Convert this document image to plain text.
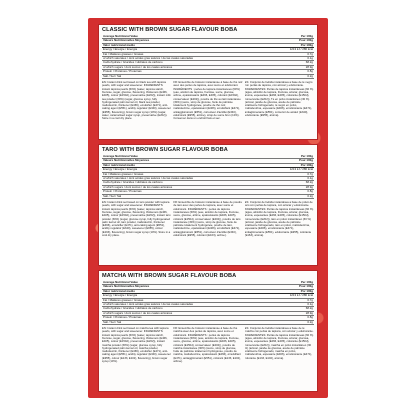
CLASSIC WITH BROWN SUGAR FLAVOUR BOBA
Average Nutritional Value	Per 100g
Valeurs Nutritionnelles Moyennes	Pour 100g
Valor nutricional medio	Por 100g
Energy / Énergie / Energía	1213 kJ / 286 kcal
Fat / Matières grasses / Grasas	0.7g
of which saturates / dont acides gras saturés / de las cuales saturadas	0.1g
Carbohydrate / Glucides / Hidratos de carbono	68.2g
of which sugars / dont sucres / de los cuales azúcares	28.9g
Protein / Protéines / Proteínas	0.8g
Salt / Sel / Sal	0.2g
EN: Instant drink set based on black tea with tapioca pearls, with sugar and sweetener. INGREDIENTS: instant tapioca pearls (60%) (water, tapioca starch, fructose, sugar, glucose, flavouring, thickeners (E466, E405), colour (E150d), preservative (E202)), instant milk tea powder (30%) (sugar, glucose syrup, fully hydrogenated palm kernel oil, black tea powder, maltodextrin, thickener (E466), emulsifier (E471), anti-caking agent (E551), acidity regulator (E340), sweetener (E955), flavouring), brown sugar syrup (10%) (sugar, water, caramelised sugar syrup, preservative (E202)). Store in a cool dry place.
FR: Ensemble de boisson instantanée à base de thé noir avec des perles de tapioca, avec sucre et édulcorant. INGRÉDIENTS : perles de tapioca instantanées (60%) (eau, amidon de tapioca, fructose, sucre, glucose, arôme, épaississants (E466, E405), colorant (E150d), conservateur (E202)), poudre de thé au lait instantanée (30%) (sucre, sirop de glucose, huile de palmiste totalement hydrogénée, poudre de thé noir, maltodextrine, épaississant (E466), émulsifiant (E471), antiagglomérant (E551), correcteur d'acidité (E340), édulcorant (E955), arôme), sirop de sucre brun (10%). Conserver dans un endroit frais et sec.
ES: Conjunto de bebida instantánea a base de té negro con perlas de tapioca, con azúcar y edulcorante. INGREDIENTES: Perlas de tapioca instantáneas (60 %) (agua, almidón de tapioca, fructosa, azúcar, glucosa, aroma, espesantes (E466, E405), colorante (E150d), conservante (E202)), Té en polvo instantáneo (30 %) (azúcar, jarabe de glucosa, aceite de palmiste totalmente hidrogenado, té negro en polvo, maltodextrina, espesante (E466), emulsionante (E471), antiaglomerante (E551), corrector de acidez (E340), edulcorante (E955), aroma).
TARO WITH BROWN SUGAR FLAVOUR BOBA
Average Nutritional Value	Per 100g
Valeurs Nutritionnelles Moyennes	Pour 100g
Valor nutricional medio	Por 100g
Energy / Énergie / Energía	1213 kJ / 286 kcal
Fat / Matières grasses / Grasas	0.7g
of which saturates / dont acides gras saturés / de las cuales saturadas	0.1g
Carbohydrate / Glucides / Hidratos de carbono	68.2g
of which sugars / dont sucres / de los cuales azúcares	28.9g
Protein / Protéines / Proteínas	0.8g
Salt / Sel / Sal	0.2g
EN: Instant drink set based on taro powder with tapioca pearls, with sugar and sweetener. INGREDIENTS: instant tapioca pearls (60%) (water, tapioca starch, fructose, sugar, glucose, flavouring, thickeners (E466, E405), colour (E150d), preservative (E202)), instant taro powder (30%) (sugar, glucose syrup, fully hydrogenated palm kernel oil, taro powder, maltodextrin, thickener (E466), emulsifier (E471), anti-caking agent (E551), acidity regulator (E340), sweetener (E955), colour (E163), flavouring), brown sugar syrup (10%). Store in a cool dry place.
FR: Ensemble de boisson instantanée à base de poudre de taro avec des perles de tapioca, avec sucre et édulcorant. INGRÉDIENTS : perles de tapioca instantanées (60%) (eau, amidon de tapioca, fructose, sucre, glucose, arôme, épaississants (E466, E405), colorant (E150d), conservateur (E202)), poudre de taro instantanée (30%) (sucre, sirop de glucose, huile de palmiste totalement hydrogénée, poudre de taro, maltodextrine, épaississant (E466), émulsifiant (E471), antiagglomérant (E551), correcteur d'acidité (E340), édulcorant (E955), colorant (E163), arôme).
ES: Conjunto de bebida instantánea a base de polvo de taro con perlas de tapioca, con azúcar y edulcorante. INGREDIENTES: Perlas de tapioca instantáneas (60 %) (agua, almidón de tapioca, fructosa, azúcar, glucosa, aroma, espesantes (E466, E405), colorante (E150d), conservante (E202)), taro en polvo instantáneo (30 %) (azúcar, jarabe de glucosa, aceite de palmiste totalmente hidrogenado, taro en polvo, maltodextrina, espesante (E466), emulsionante (E471), antiaglomerante (E551), edulcorante (E955), colorante (E163), aroma).
MATCHA WITH BROWN SUGAR FLAVOUR BOBA
Average Nutritional Value	Per 100g
Valeurs Nutritionnelles Moyennes	Pour 100g
Valor nutricional medio	Por 100g
Energy / Énergie / Energía	1213 kJ / 286 kcal
Fat / Matières grasses / Grasas	0.7g
of which saturates / dont acides gras saturés / de las cuales saturadas	0.1g
Carbohydrate / Glucides / Hidratos de carbono	68.2g
of which sugars / dont sucres / de los cuales azúcares	28.9g
Protein / Protéines / Proteínas	0.8g
Salt / Sel / Sal	0.2g
EN: Instant drink set based on matcha tea with tapioca pearls, with sugar and sweetener. INGREDIENTS: instant tapioca pearls (60%) (water, tapioca starch, fructose, sugar, glucose, flavouring, thickeners (E466, E405), colour (E150d), preservative (E202)), instant matcha powder (30%) (sugar, glucose syrup, fully hydrogenated palm kernel oil, matcha powder, maltodextrin, thickener (E466), emulsifier (E471), anti-caking agent (E551), acidity regulator (E340), sweetener (E955), colour (E133, E102), flavouring), brown sugar syrup (10%).
FR: Ensemble de boisson instantanée à base de thé matcha avec des perles de tapioca, avec sucre et édulcorant. INGRÉDIENTS : perles de tapioca instantanées (60%) (eau, amidon de tapioca, fructose, sucre, glucose, arôme, épaississants (E466, E405), colorant (E150d), conservateur (E202)), poudre de matcha instantanée (30%) (sucre, sirop de glucose, huile de palmiste totalement hydrogénée, poudre de matcha, maltodextrine, épaississant (E466), émulsifiant (E471), antiagglomérant (E551), colorant (E133, E102), arôme).
ES: Conjunto de bebida instantánea a base de té matcha con perlas de tapioca, con azúcar y edulcorante. INGREDIENTES: Perlas de tapioca instantáneas (60 %) (agua, almidón de tapioca, fructosa, azúcar, glucosa, aroma, espesantes (E466, E405), colorante (E150d), conservante (E202)), matcha en polvo instantáneo (30 %) (azúcar, jarabe de glucosa, aceite de palmiste totalmente hidrogenado, matcha en polvo, maltodextrina, espesante (E466), emulsionante (E471), colorante (E133, E102), aroma).
